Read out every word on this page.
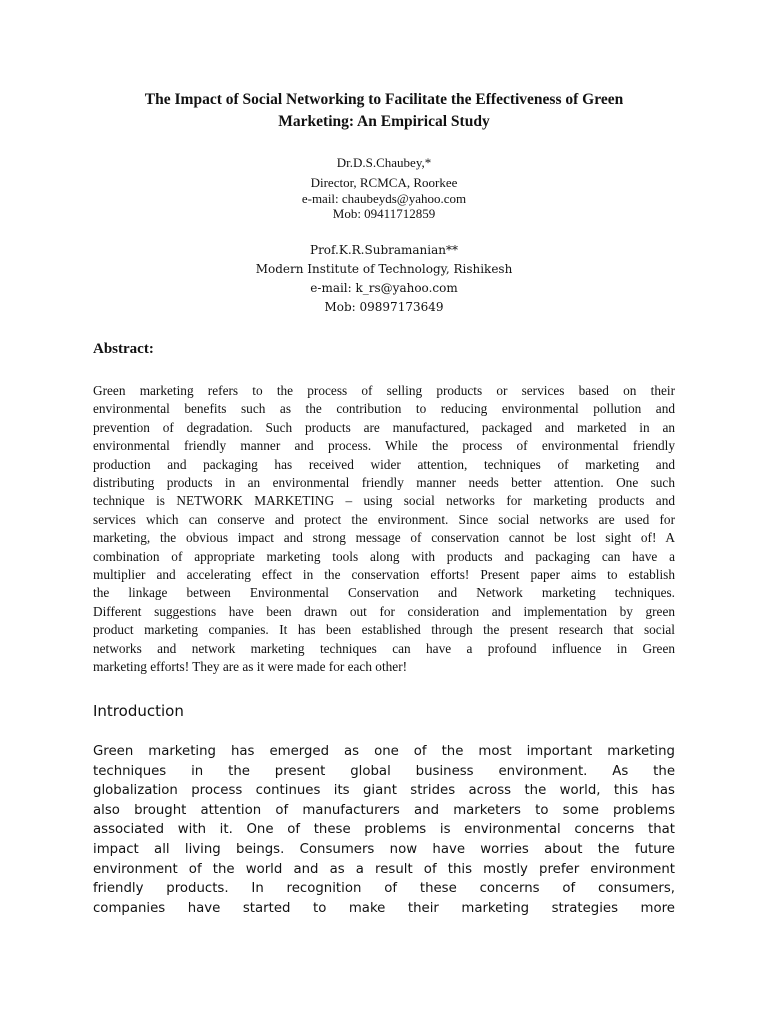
The Impact of Social Networking to Facilitate the Effectiveness of Green
Marketing: An Empirical Study
Dr.D.S.Chaubey,*
Director, RCMCA, Roorkee
e-mail: chaubeyds@yahoo.com
Mob: 09411712859
Prof.K.R.Subramanian**
Modern Institute of Technology, Rishikesh
e-mail: k_rs@yahoo.com
Mob: 09897173649
Abstract:
Green marketing refers to the process of selling products or services based on their
environmental benefits such as the contribution to reducing environmental pollution and
prevention of degradation. Such products are manufactured, packaged and marketed in an
environmental friendly manner and process. While the process of environmental friendly
production and packaging has received wider attention, techniques of marketing and
distributing products in an environmental friendly manner needs better attention. One such
technique is NETWORK MARKETING – using social networks for marketing products and
services which can conserve and protect the environment. Since social networks are used for
marketing, the obvious impact and strong message of conservation cannot be lost sight of! A
combination of appropriate marketing tools along with products and packaging can have a
multiplier and accelerating effect in the conservation efforts! Present paper aims to establish
the linkage between Environmental Conservation and Network marketing techniques.
Different suggestions have been drawn out for consideration and implementation by green
product marketing companies. It has been established through the present research that social
networks and network marketing techniques can have a profound influence in Green
marketing efforts! They are as it were made for each other!
Introduction
Green marketing has emerged as one of the most important marketing
techniques in the present global business environment. As the
globalization process continues its giant strides across the world, this has
also brought attention of manufacturers and marketers to some problems
associated with it. One of these problems is environmental concerns that
impact all living beings. Consumers now have worries about the future
environment of the world and as a result of this mostly prefer environment
friendly products. In recognition of these concerns of consumers,
companies have started to make their marketing strategies more
